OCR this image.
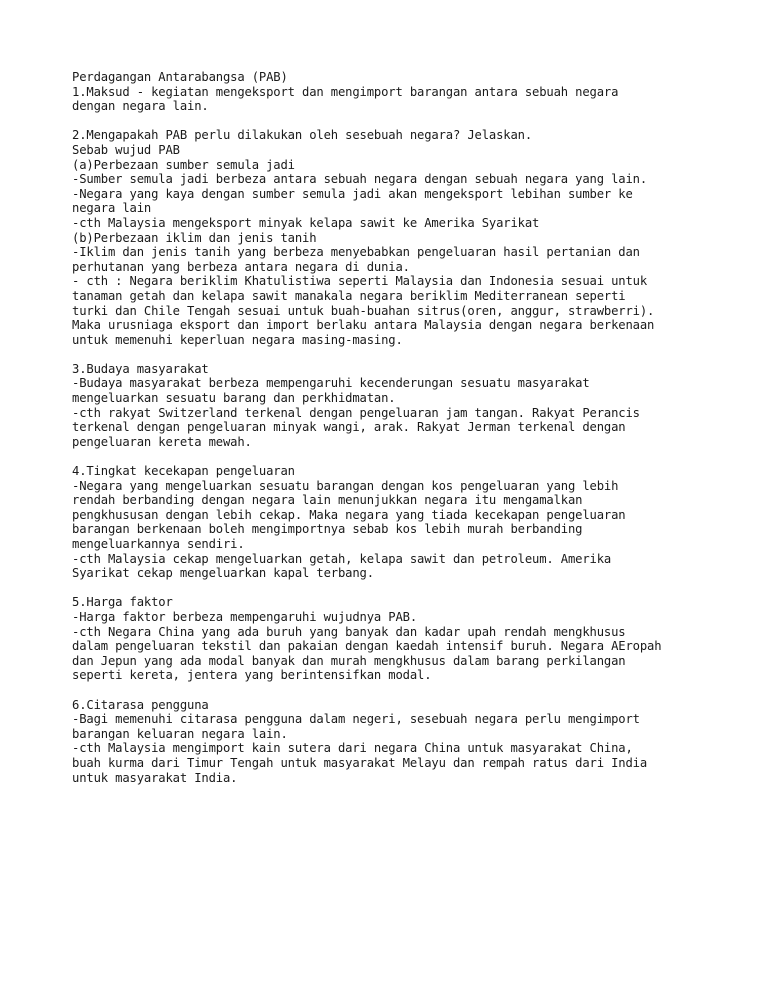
Perdagangan Antarabangsa (PAB)
1.Maksud - kegiatan mengeksport dan mengimport barangan antara sebuah negara
dengan negara lain.
2.Mengapakah PAB perlu dilakukan oleh sesebuah negara? Jelaskan.
Sebab wujud PAB
(a)Perbezaan sumber semula jadi
-Sumber semula jadi berbeza antara sebuah negara dengan sebuah negara yang lain.
-Negara yang kaya dengan sumber semula jadi akan mengeksport lebihan sumber ke
negara lain
-cth Malaysia mengeksport minyak kelapa sawit ke Amerika Syarikat
(b)Perbezaan iklim dan jenis tanih
-Iklim dan jenis tanih yang berbeza menyebabkan pengeluaran hasil pertanian dan
perhutanan yang berbeza antara negara di dunia.
- cth : Negara beriklim Khatulistiwa seperti Malaysia dan Indonesia sesuai untuk
tanaman getah dan kelapa sawit manakala negara beriklim Mediterranean seperti
turki dan Chile Tengah sesuai untuk buah-buahan sitrus(oren, anggur, strawberri).
Maka urusniaga eksport dan import berlaku antara Malaysia dengan negara berkenaan
untuk memenuhi keperluan negara masing-masing.
3.Budaya masyarakat
-Budaya masyarakat berbeza mempengaruhi kecenderungan sesuatu masyarakat
mengeluarkan sesuatu barang dan perkhidmatan.
-cth rakyat Switzerland terkenal dengan pengeluaran jam tangan. Rakyat Perancis
terkenal dengan pengeluaran minyak wangi, arak. Rakyat Jerman terkenal dengan
pengeluaran kereta mewah.
4.Tingkat kecekapan pengeluaran
-Negara yang mengeluarkan sesuatu barangan dengan kos pengeluaran yang lebih
rendah berbanding dengan negara lain menunjukkan negara itu mengamalkan
pengkhususan dengan lebih cekap. Maka negara yang tiada kecekapan pengeluaran
barangan berkenaan boleh mengimportnya sebab kos lebih murah berbanding
mengeluarkannya sendiri.
-cth Malaysia cekap mengeluarkan getah, kelapa sawit dan petroleum. Amerika
Syarikat cekap mengeluarkan kapal terbang.
5.Harga faktor
-Harga faktor berbeza mempengaruhi wujudnya PAB.
-cth Negara China yang ada buruh yang banyak dan kadar upah rendah mengkhusus
dalam pengeluaran tekstil dan pakaian dengan kaedah intensif buruh. Negara AEropah
dan Jepun yang ada modal banyak dan murah mengkhusus dalam barang perkilangan
seperti kereta, jentera yang berintensifkan modal.
6.Citarasa pengguna
-Bagi memenuhi citarasa pengguna dalam negeri, sesebuah negara perlu mengimport
barangan keluaran negara lain.
-cth Malaysia mengimport kain sutera dari negara China untuk masyarakat China,
buah kurma dari Timur Tengah untuk masyarakat Melayu dan rempah ratus dari India
untuk masyarakat India.
